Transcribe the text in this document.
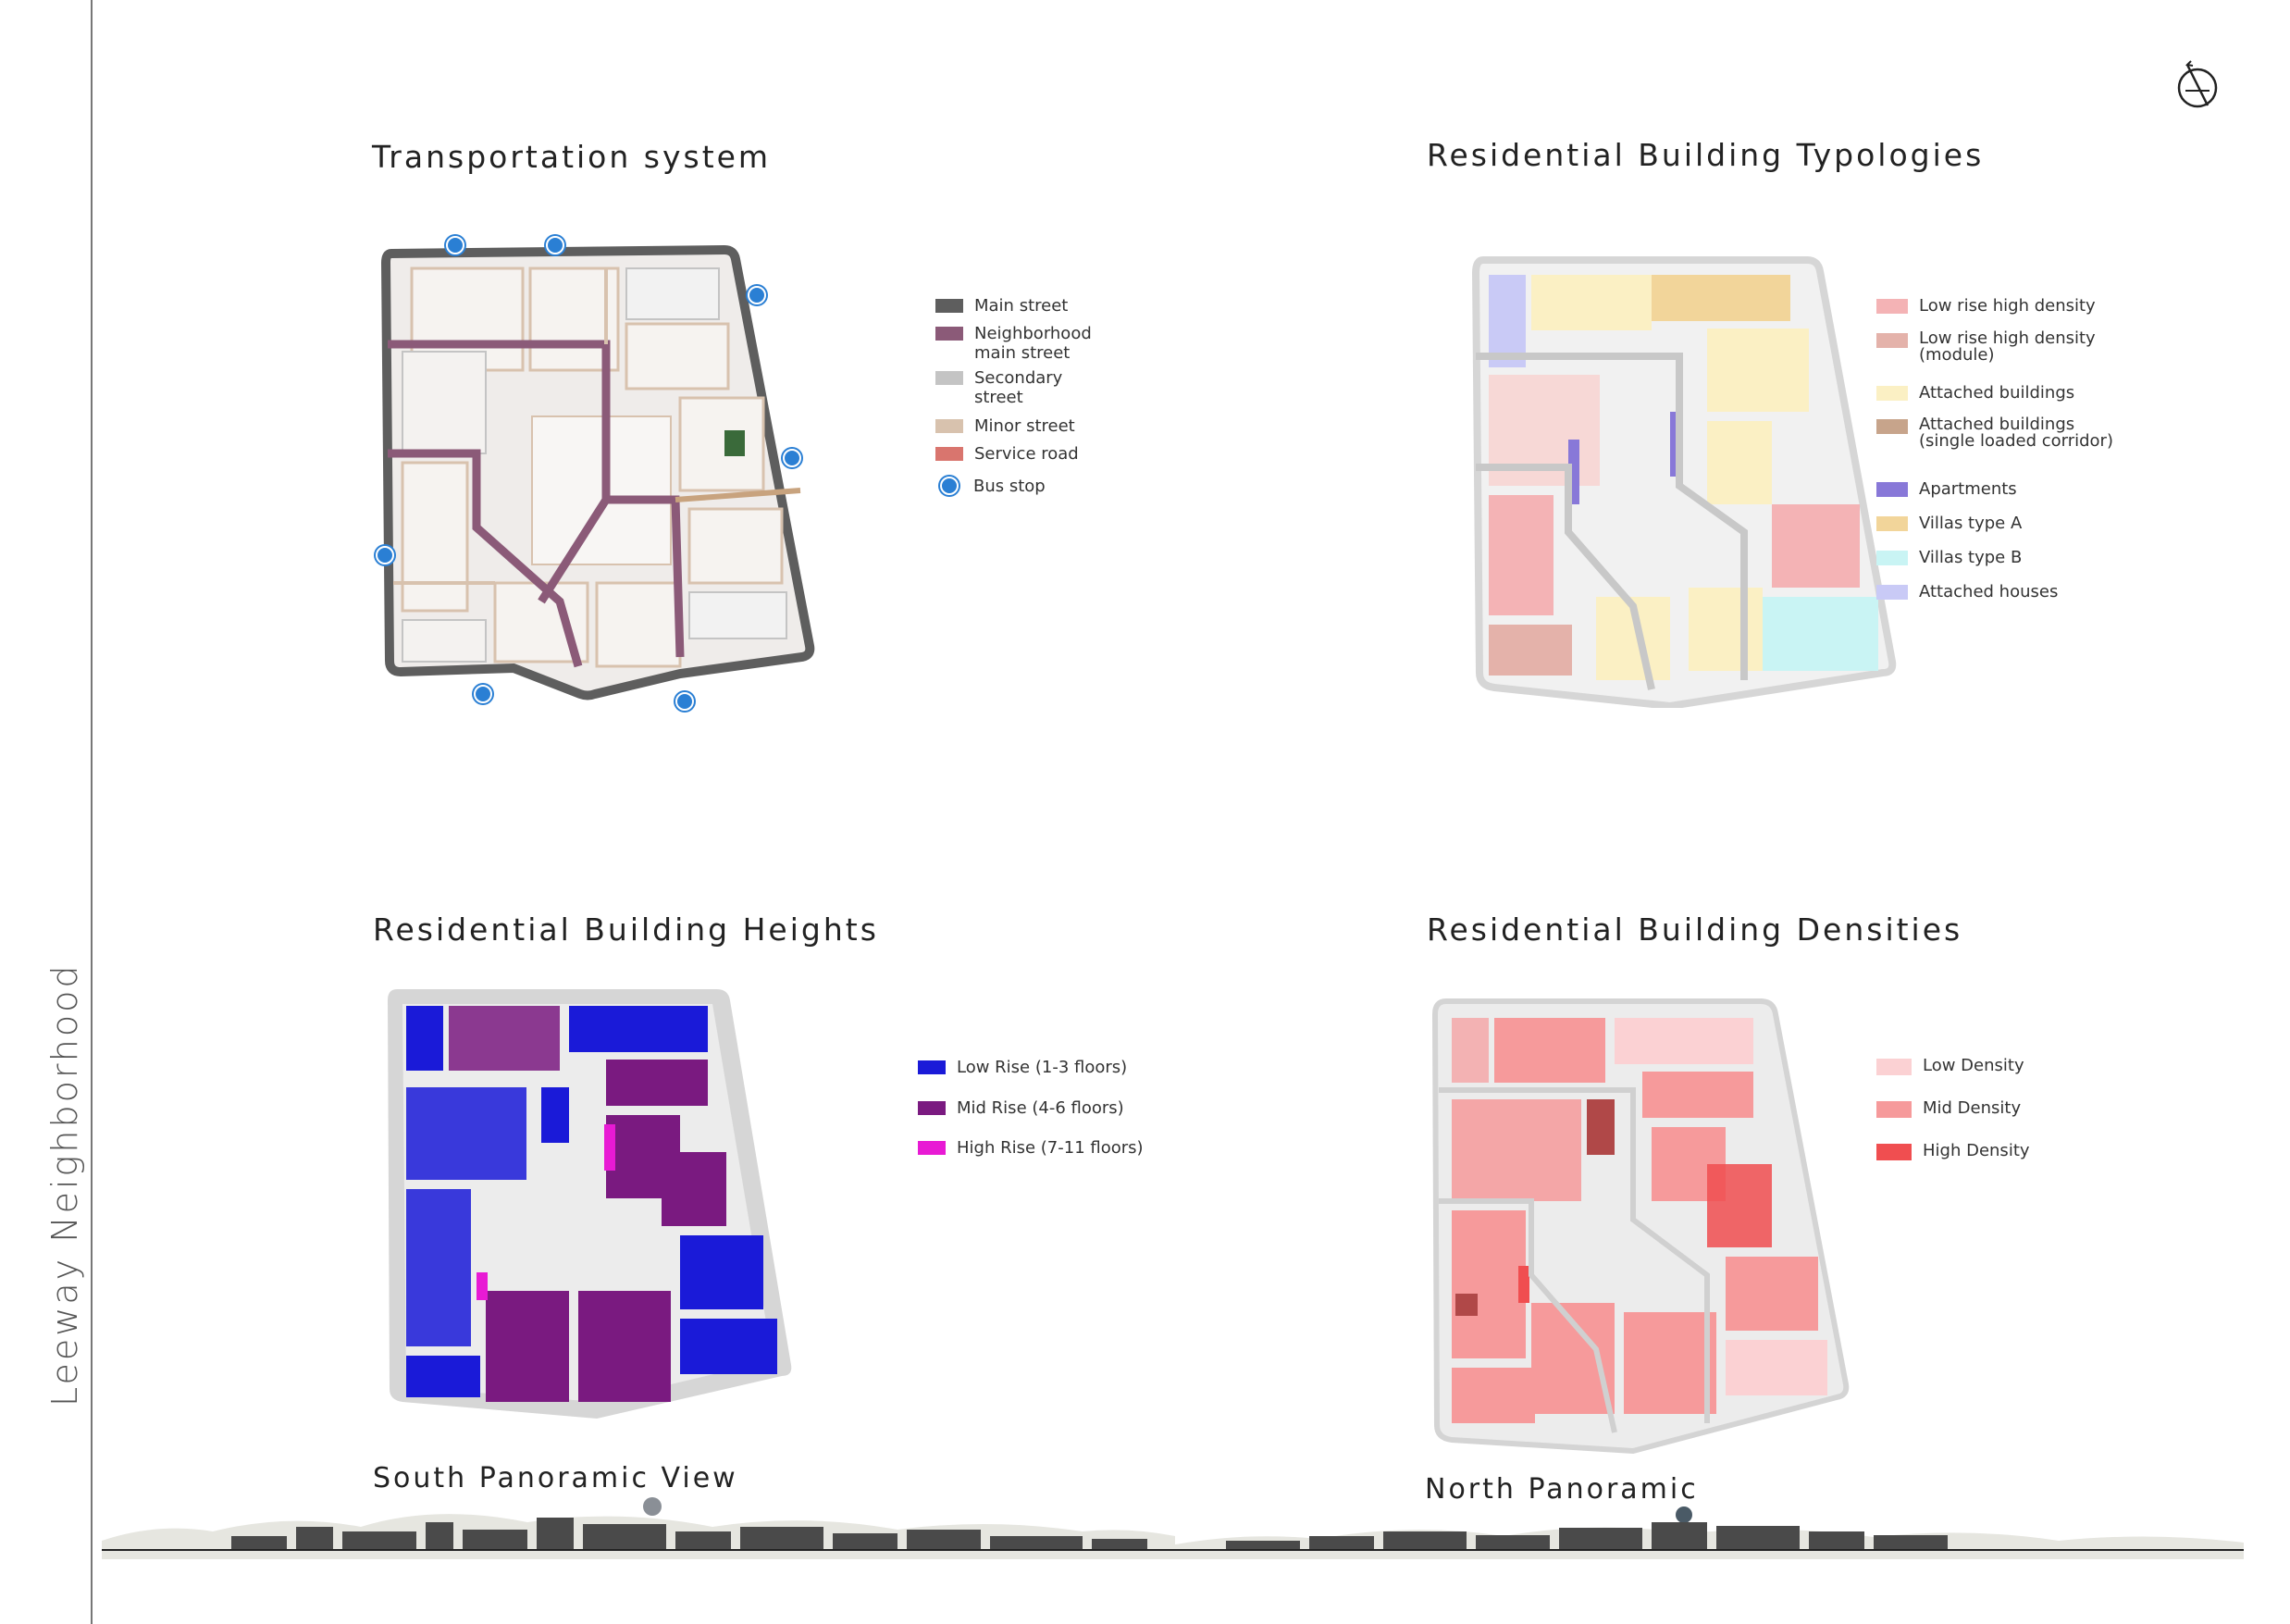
Leeway Neighborhood
Transportation system
Main street
Neighborhood
main street
Secondary
street
Minor street
Service road
Bus stop
Residential Building Typologies
Low rise high density
Low rise high density
(module)
Attached buildings
Attached buildings
(single loaded corridor)
Apartments
Villas type A
Villas type B
Attached houses
Residential Building Heights
Low Rise (1-3 floors)
Mid Rise (4-6 floors)
High Rise (7-11 floors)
Residential Building Densities
Low Density
Mid Density
High Density
South Panoramic View	North Panoramic
